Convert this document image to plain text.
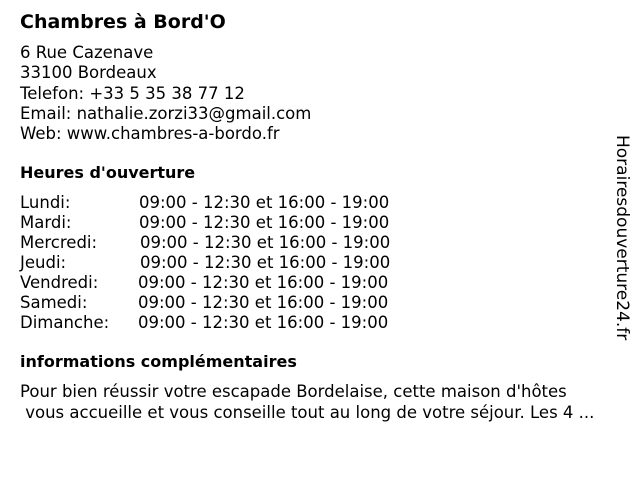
Chambres à Bord'O
6 Rue Cazenave
33100 Bordeaux
Telefon: +33 5 35 38 77 12
Email: nathalie.zorzi33@gmail.com
Web: www.chambres-a-bordo.fr
Heures d'ouverture
Lundi:	09:00 - 12:30 et 16:00 - 19:00
Mardi:	09:00 - 12:30 et 16:00 - 19:00
Mercredi:	09:00 - 12:30 et 16:00 - 19:00
Jeudi:	09:00 - 12:30 et 16:00 - 19:00
Vendredi: 09:00 - 12:30 et 16:00 - 19:00
Samedi:	09:00 - 12:30 et 16:00 - 19:00
Dimanche: 09:00 - 12:30 et 16:00 - 19:00
informations complémentaires
Pour bien réussir votre escapade Bordelaise, cette maison d'hôtes
vous accueille et vous conseille tout au long de votre séjour. Les 4 ...
Horairesdouverture24.fr
